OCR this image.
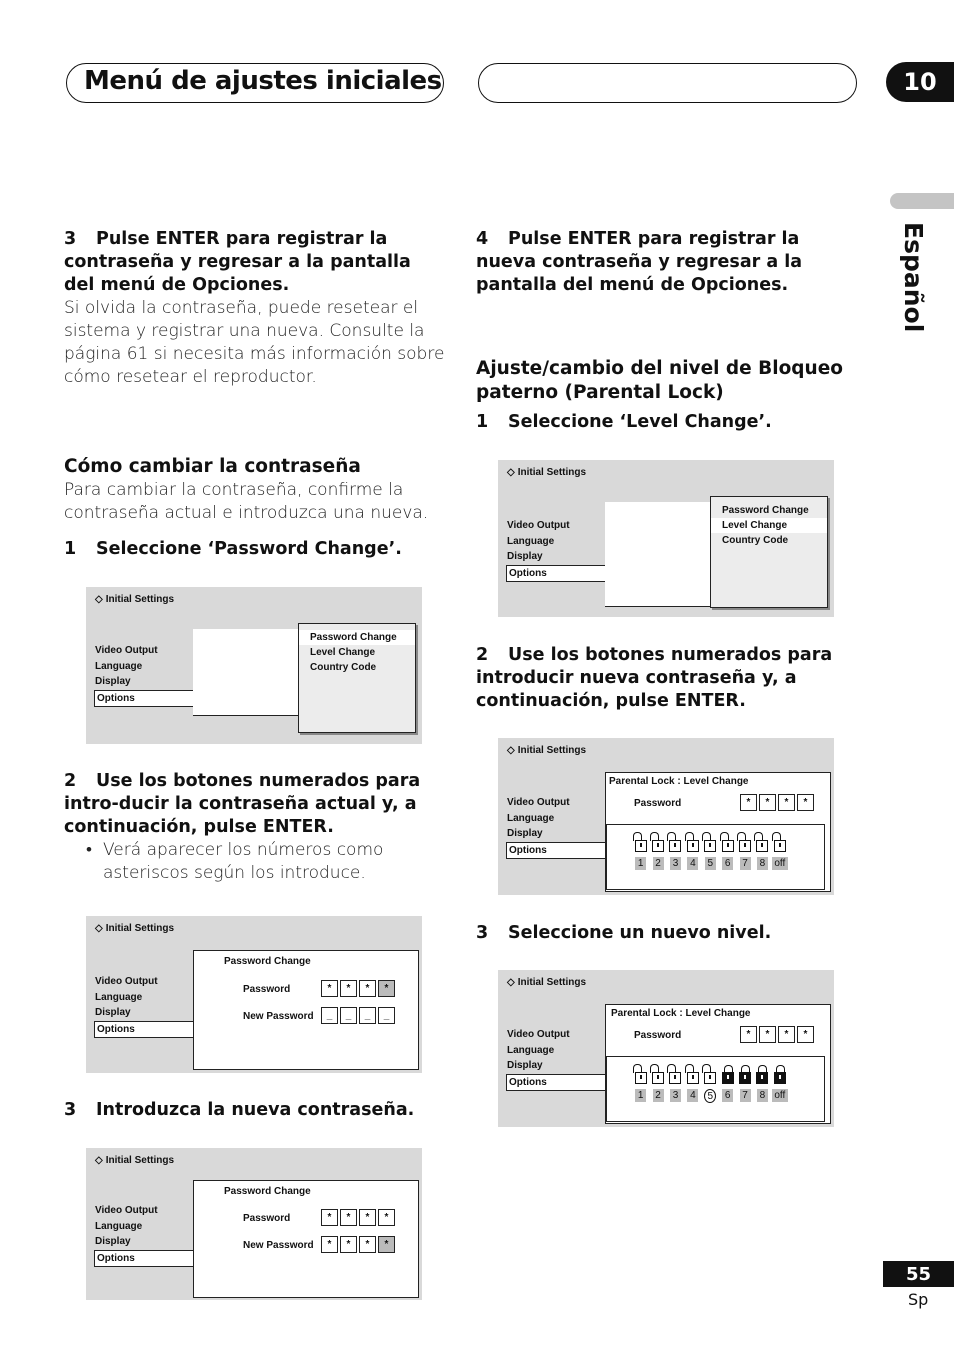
Menú de ajustes iniciales	10
Español
3 Pulse ENTER para registrar la contraseña y regresar a la pantalla del menú de Opciones.
Si olvida la contraseña, puede resetear el sistema y registrar una nueva. Consulte la página 61 si necesita más información sobre cómo resetear el reproductor.
Cómo cambiar la contraseña
Para cambiar la contraseña, confirme la contraseña actual e introduzca una nueva.
1 Seleccione ‘Password Change’.
◇ Initial Settings
Video Output
Language
Display
Options
Password Change
Level Change
Country Code
2 Use los botones numerados para intro-ducir la contraseña actual y, a continuación, pulse ENTER.
• Verá aparecer los números como asteriscos según los introduce.
◇ Initial Settings
Video Output
Language
Display
Options
Password Change
Password	*	*	*	*
New Password	_	_	_	_
3 Introduzca la nueva contraseña.
◇ Initial Settings
Video Output
Language
Display
Options
Password Change
Password	*	*	*	*
New Password	*	*	*	*
4 Pulse ENTER para registrar la nueva contraseña y regresar a la pantalla del menú de Opciones.
Ajuste/cambio del nivel de Bloqueo paterno (Parental Lock)
1 Seleccione ‘Level Change’.
◇ Initial Settings
Video Output
Language
Display
Options
Password Change
Level Change
Country Code
2 Use los botones numerados para introducir nueva contraseña y, a continuación, pulse ENTER.
◇ Initial Settings
Video Output
Language
Display
Options
Parental Lock : Level Change
Password	*	*	*	*
1	2	3	4	5	6	7	8 off
3 Seleccione un nuevo nivel.
◇ Initial Settings
Video Output
Language
Display
Options
Parental Lock : Level Change
Password	*	*	*	*
1	2	3	4	5	6	7	8 off
55
Sp
